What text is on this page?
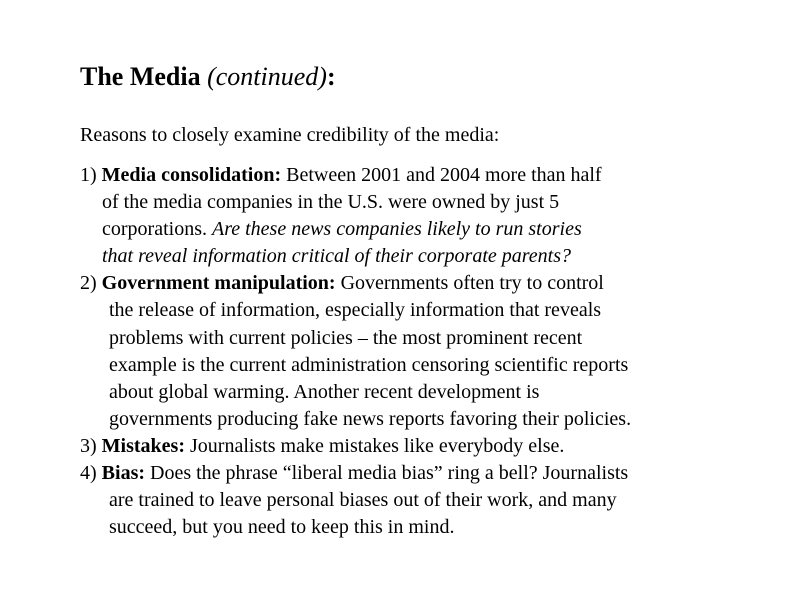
The Media (continued):
Reasons to closely examine credibility of the media:
1) Media consolidation: Between 2001 and 2004 more than half
of the media companies in the U.S. were owned by just 5
corporations. Are these news companies likely to run stories
that reveal information critical of their corporate parents?
2) Government manipulation: Governments often try to control
the release of information, especially information that reveals
problems with current policies – the most prominent recent
example is the current administration censoring scientific reports
about global warming. Another recent development is
governments producing fake news reports favoring their policies.
3) Mistakes: Journalists make mistakes like everybody else.
4) Bias: Does the phrase “liberal media bias” ring a bell? Journalists
are trained to leave personal biases out of their work, and many
succeed, but you need to keep this in mind.
